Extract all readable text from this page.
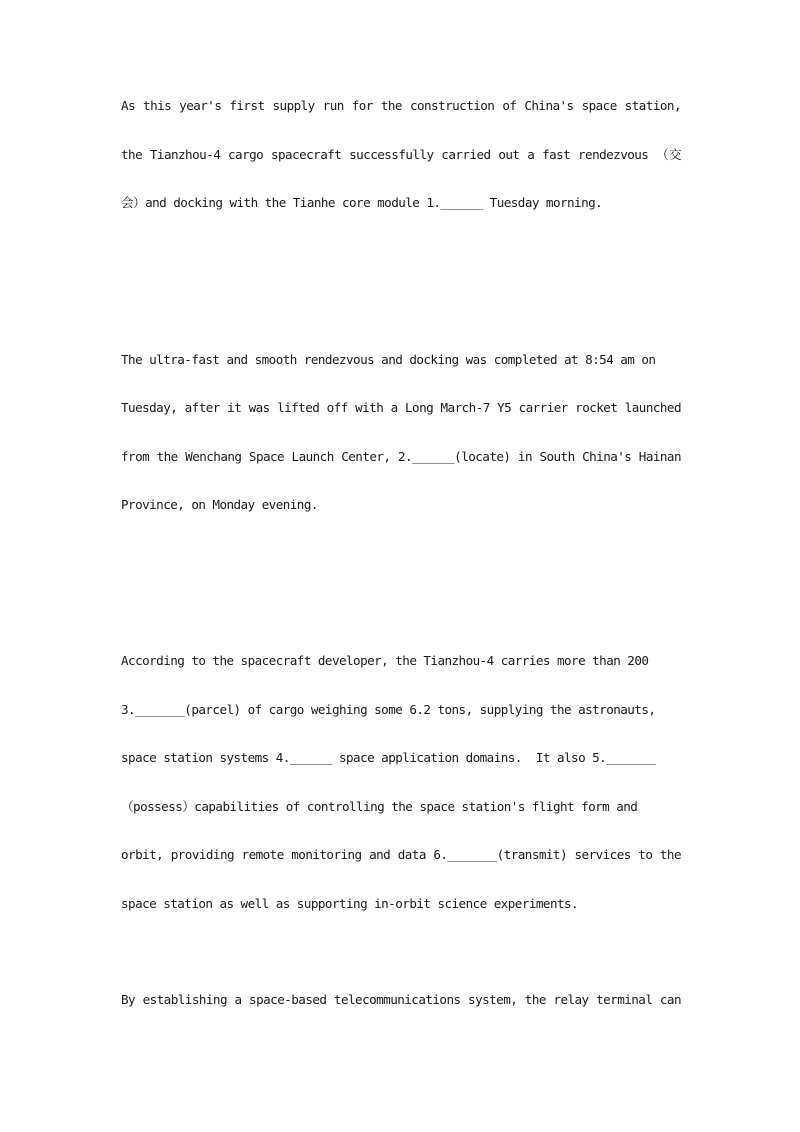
As this year's first supply run for the construction of China's space station,
the Tianzhou-4 cargo spacecraft successfully carried out a fast rendezvous （交
会）and docking with the Tianhe core module 1.______ Tuesday morning.
The ultra-fast and smooth rendezvous and docking was completed at 8:54 am on
Tuesday, after it was lifted off with a Long March-7 Y5 carrier rocket launched
from the Wenchang Space Launch Center, 2.______(locate) in South China's Hainan
Province, on Monday evening.
According to the spacecraft developer, the Tianzhou-4 carries more than 200
3._______(parcel) of cargo weighing some 6.2 tons, supplying the astronauts,
space station systems 4.______ space application domains.  It also 5._______
（possess）capabilities of controlling the space station's flight form and
orbit, providing remote monitoring and data 6._______(transmit) services to the
space station as well as supporting in-orbit science experiments.
By establishing a space-based telecommunications system, the relay terminal can
